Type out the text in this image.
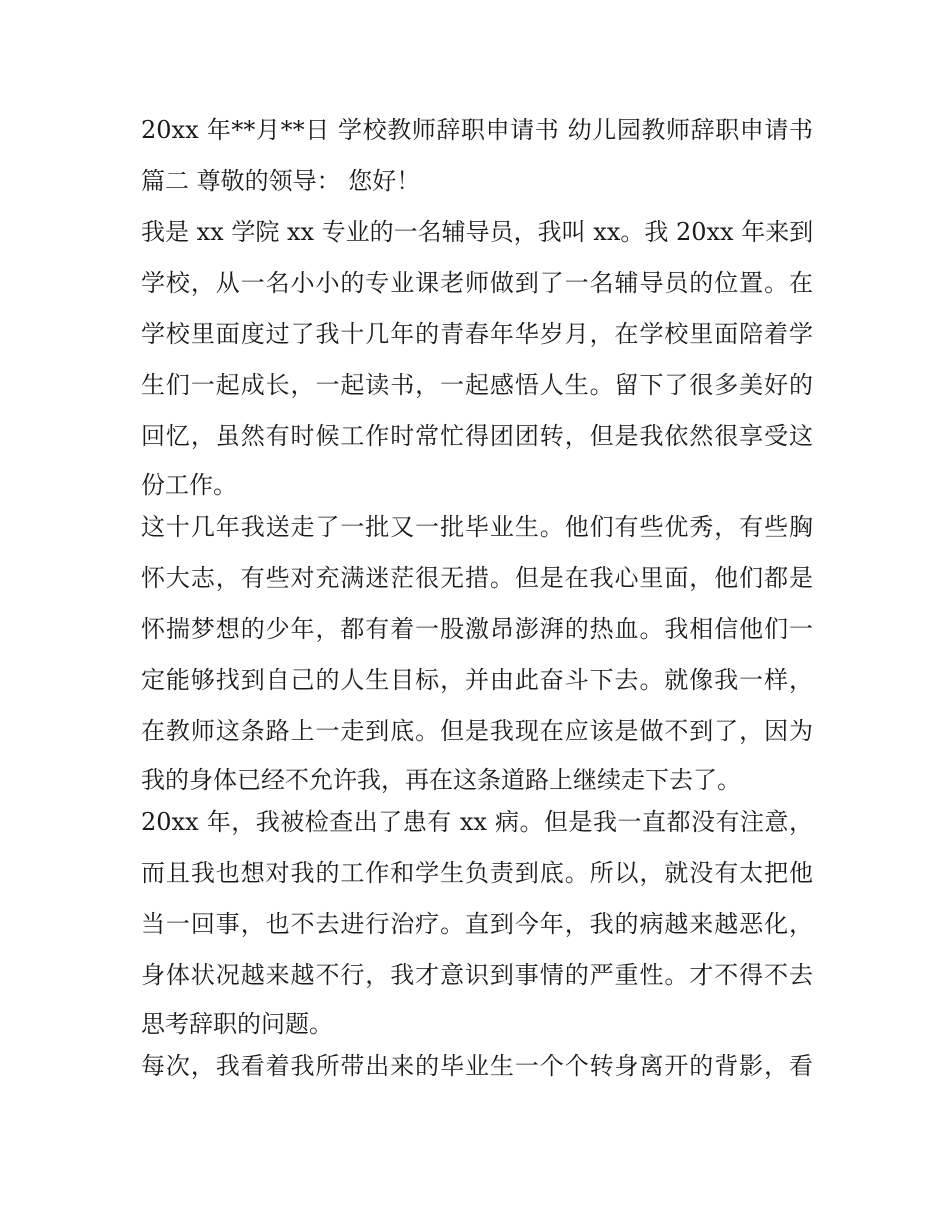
20xx 年**月**日 学校教师辞职申请书 幼儿园教师辞职申请书
篇二 尊敬的领导： 您好！
我是 xx 学院 xx 专业的一名辅导员，我叫 xx。我 20xx 年来到
学校，从一名小小的专业课老师做到了一名辅导员的位置。在
学校里面度过了我十几年的青春年华岁月，在学校里面陪着学
生们一起成长，一起读书，一起感悟人生。留下了很多美好的
回忆，虽然有时候工作时常忙得团团转，但是我依然很享受这
份工作。
这十几年我送走了一批又一批毕业生。他们有些优秀，有些胸
怀大志，有些对充满迷茫很无措。但是在我心里面，他们都是
怀揣梦想的少年，都有着一股激昂澎湃的热血。我相信他们一
定能够找到自己的人生目标，并由此奋斗下去。就像我一样，
在教师这条路上一走到底。但是我现在应该是做不到了，因为
我的身体已经不允许我，再在这条道路上继续走下去了。
20xx 年，我被检查出了患有 xx 病。但是我一直都没有注意，
而且我也想对我的工作和学生负责到底。所以，就没有太把他
当一回事，也不去进行治疗。直到今年，我的病越来越恶化，
身体状况越来越不行，我才意识到事情的严重性。才不得不去
思考辞职的问题。
每次，我看着我所带出来的毕业生一个个转身离开的背影，看
